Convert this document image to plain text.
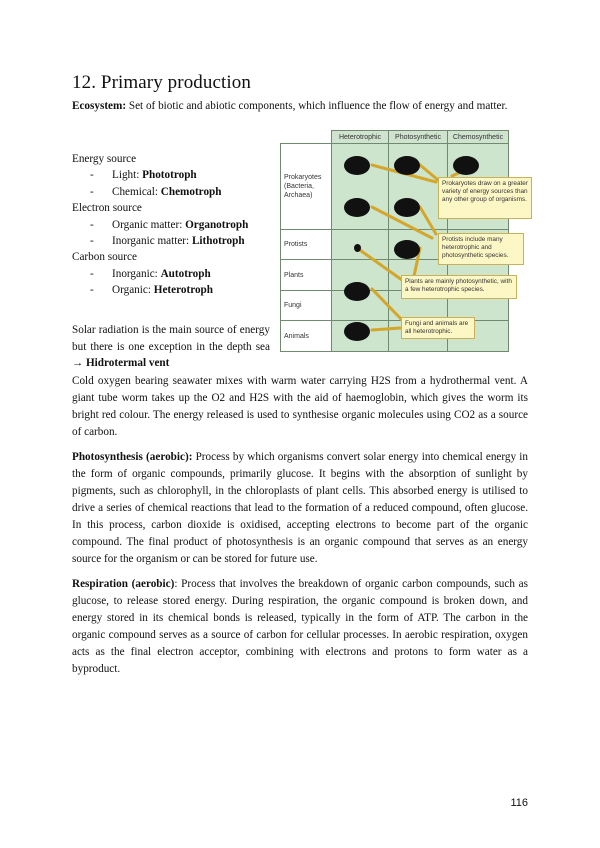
12. Primary production

Ecosystem: Set of biotic and abiotic components, which influence the flow of energy and matter.

Energy source
- Light: Phototroph
- Chemical: Chemotroph
Electron source
- Organic matter: Organotroph
- Inorganic matter: Lithotroph
Carbon source
- Inorganic: Autotroph
- Organic: Heterotroph

Solar radiation is the main source of energy but there is one exception in the depth sea → Hidrotermal vent

	Heterotrophic	Photosynthetic	Chemosynthetic
Prokaryotes (Bacteria, Archaea)			
Protists			
Plants			
Fungi			
Animals			
Prokaryotes draw on a greater variety of energy sources than any other group of organisms.
Protists include many heterotrophic and photosynthetic species.
Plants are mainly photosynthetic, with a few heterotrophic species.
Fungi and animals are all heterotrophic.

Cold oxygen bearing seawater mixes with warm water carrying H2S from a hydrothermal vent. A giant tube worm takes up the O2 and H2S with the aid of haemoglobin, which gives the worm its bright red colour. The energy released is used to synthesise organic molecules using CO2 as a source of carbon.

Photosynthesis (aerobic): Process by which organisms convert solar energy into chemical energy in the form of organic compounds, primarily glucose. It begins with the absorption of sunlight by pigments, such as chlorophyll, in the chloroplasts of plant cells. This absorbed energy is utilised to drive a series of chemical reactions that lead to the formation of a reduced compound, often glucose. In this process, carbon dioxide is oxidised, accepting electrons to become part of the organic compound. The final product of photosynthesis is an organic compound that serves as an energy source for the organism or can be stored for future use.

Respiration (aerobic): Process that involves the breakdown of organic carbon compounds, such as glucose, to release stored energy. During respiration, the organic compound is broken down, and energy stored in its chemical bonds is released, typically in the form of ATP. The carbon in the organic compound serves as a source of carbon for cellular processes. In aerobic respiration, oxygen acts as the final electron acceptor, combining with electrons and protons to form water as a byproduct.

116
